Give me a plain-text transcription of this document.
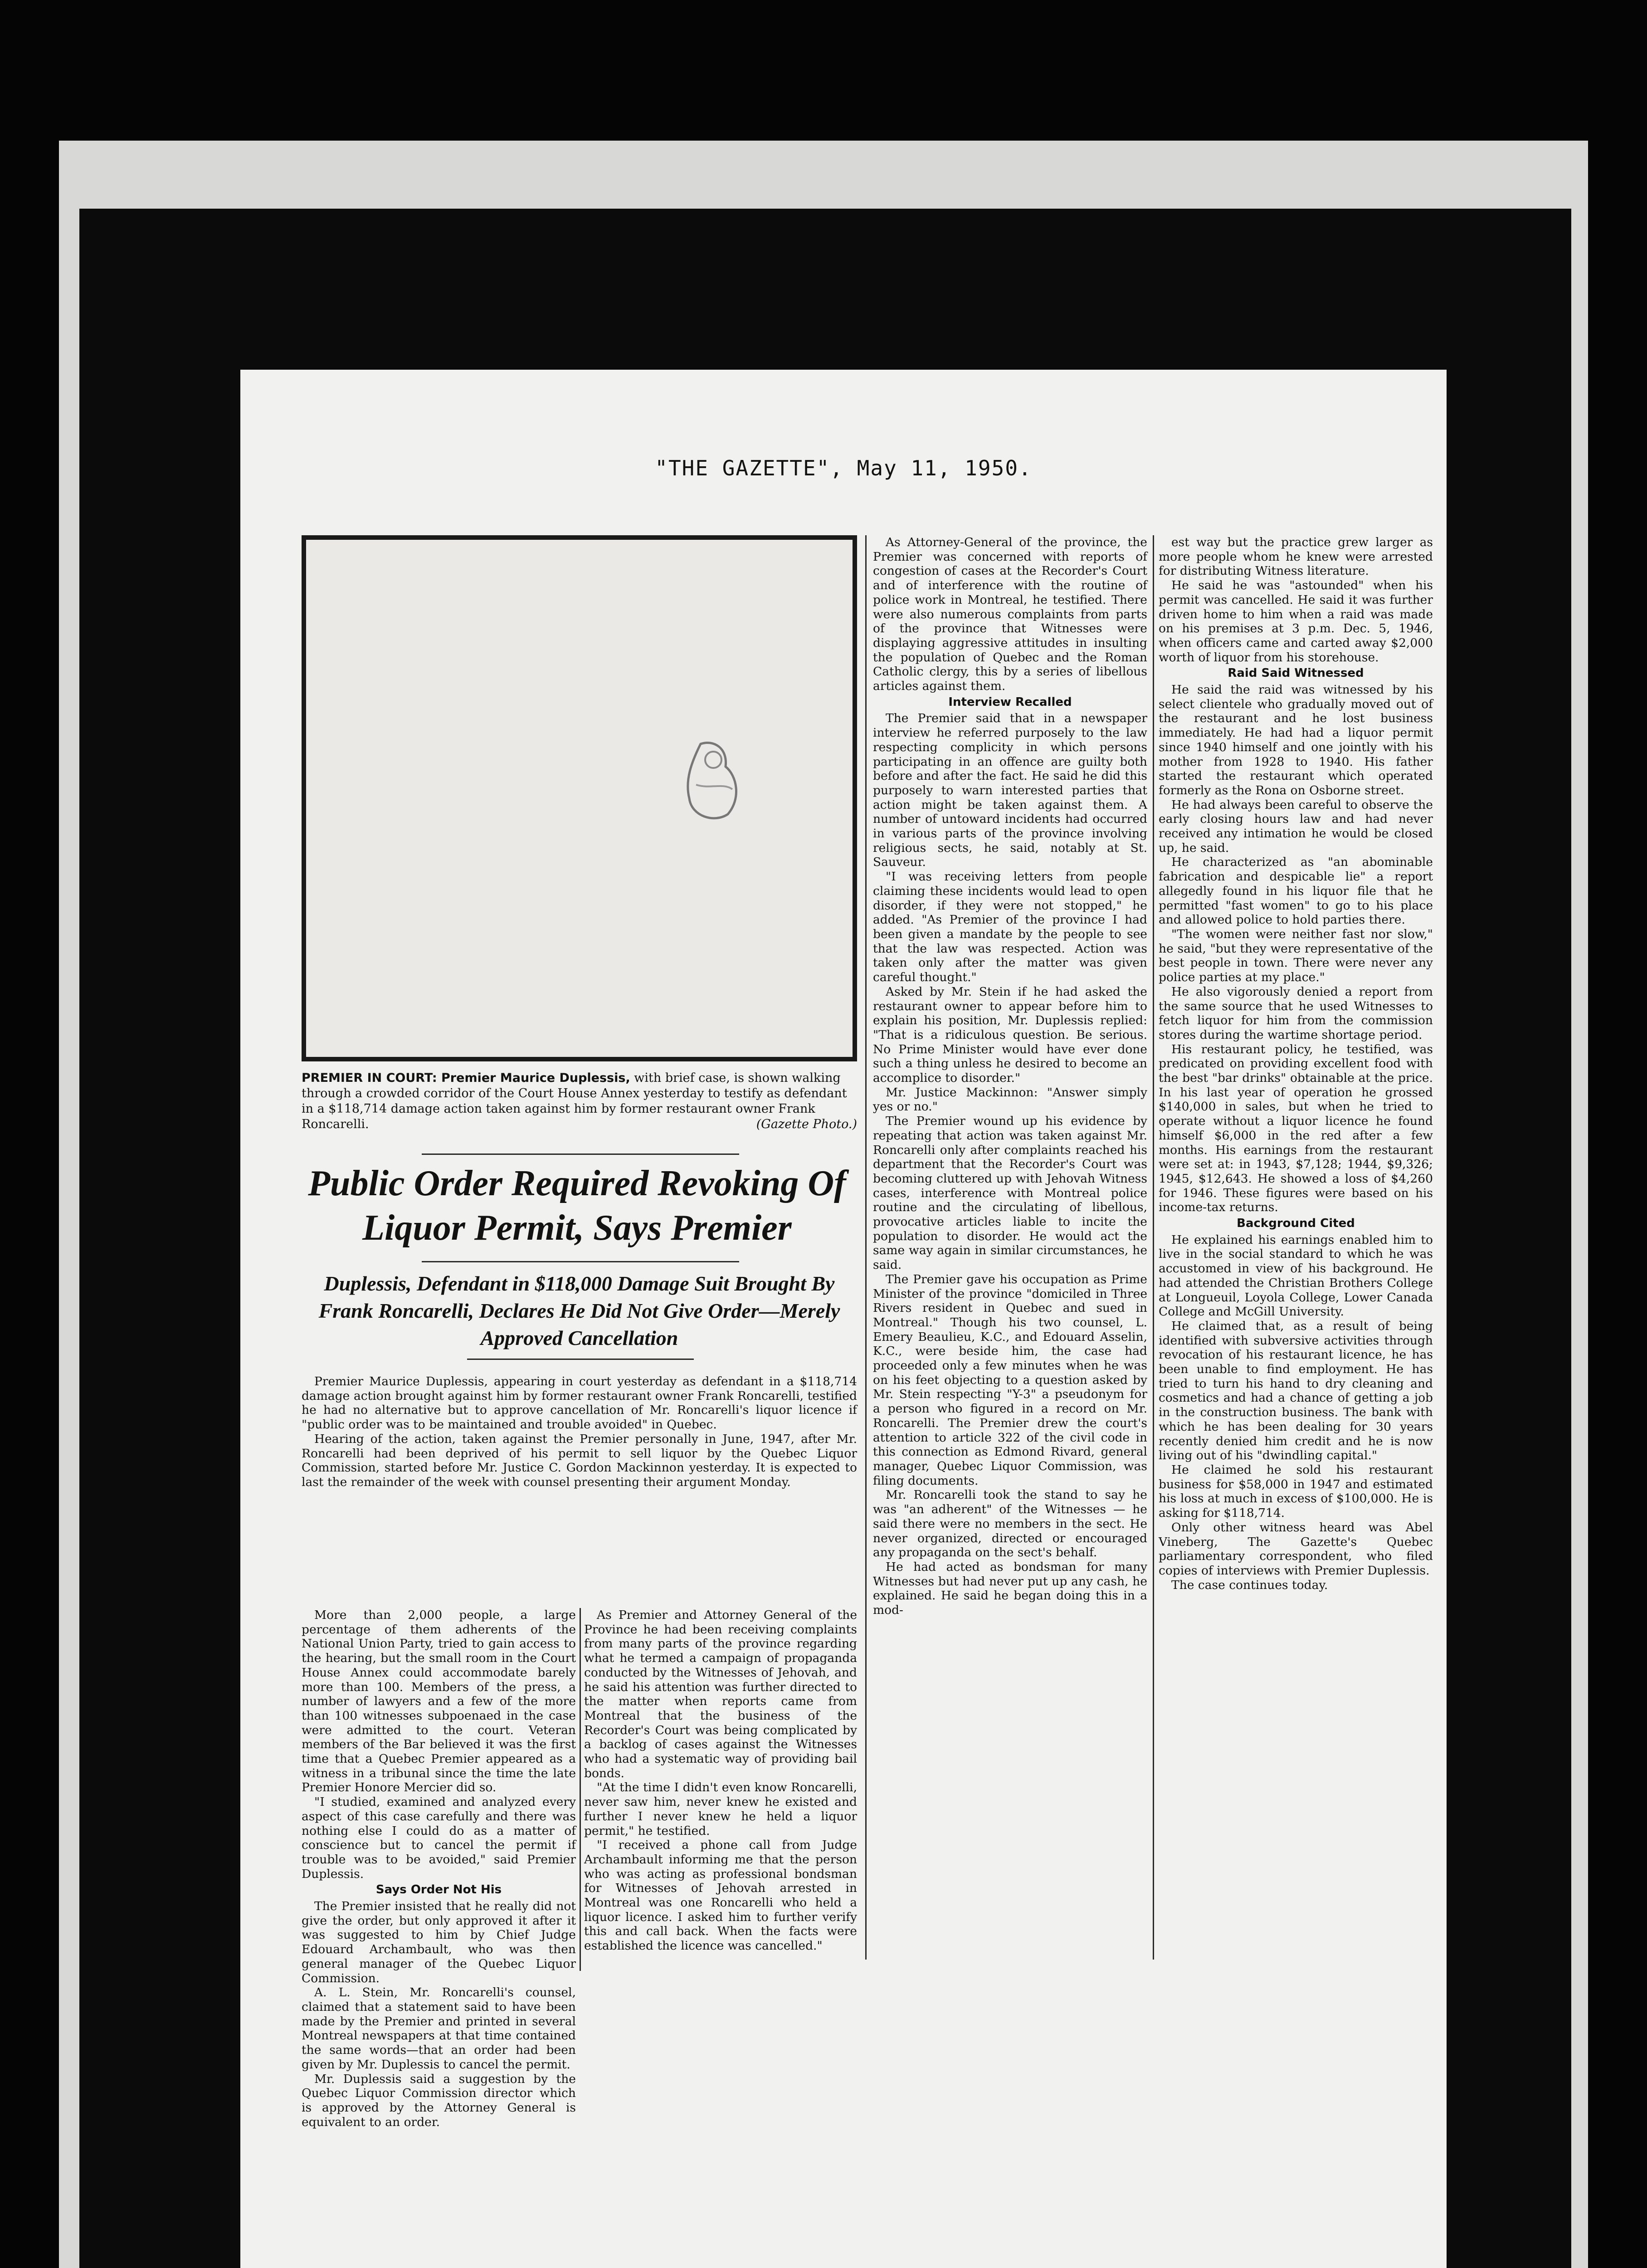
"THE GAZETTE", May 11, 1950.
PREMIER IN COURT: Premier Maurice Duplessis, with brief case, is shown walking through a crowded corridor of the Court House Annex yesterday to testify as defendant in a $118,714 damage action taken against him by former restaurant owner Frank Roncarelli.	(Gazette Photo.)
Public Order Required Revoking Of Liquor Permit, Says Premier
Duplessis, Defendant in $118,000 Damage Suit Brought By Frank Roncarelli, Declares He Did Not Give Order—Merely Approved Cancellation

Premier Maurice Duplessis, appearing in court yesterday as defendant in a $118,714 damage action brought against him by former restaurant owner Frank Roncarelli, testified he had no alternative but to approve cancellation of Mr. Roncarelli's liquor licence if "public order was to be maintained and trouble avoided" in Quebec.

Hearing of the action, taken against the Premier personally in June, 1947, after Mr. Roncarelli had been deprived of his permit to sell liquor by the Quebec Liquor Commission, started before Mr. Justice C. Gordon Mackinnon yesterday. It is expected to last the remainder of the week with counsel presenting their argument Monday.

More than 2,000 people, a large percentage of them adherents of the National Union Party, tried to gain access to the hearing, but the small room in the Court House Annex could accommodate barely more than 100. Members of the press, a number of lawyers and a few of the more than 100 witnesses subpoenaed in the case were admitted to the court. Veteran members of the Bar believed it was the first time that a Quebec Premier appeared as a witness in a tribunal since the time the late Premier Honore Mercier did so.

"I studied, examined and analyzed every aspect of this case carefully and there was nothing else I could do as a matter of conscience but to cancel the permit if trouble was to be avoided," said Premier Duplessis.

Says Order Not His

The Premier insisted that he really did not give the order, but only approved it after it was suggested to him by Chief Judge Edouard Archambault, who was then general manager of the Quebec Liquor Commission.

A. L. Stein, Mr. Roncarelli's counsel, claimed that a statement said to have been made by the Premier and printed in several Montreal newspapers at that time contained the same words—that an order had been given by Mr. Duplessis to cancel the permit.

Mr. Duplessis said a suggestion by the Quebec Liquor Commission director which is approved by the Attorney General is equivalent to an order.

As Premier and Attorney General of the Province he had been receiving complaints from many parts of the province regarding what he termed a campaign of propaganda conducted by the Witnesses of Jehovah, and he said his attention was further directed to the matter when reports came from Montreal that the business of the Recorder's Court was being complicated by a backlog of cases against the Witnesses who had a systematic way of providing bail bonds.

"At the time I didn't even know Roncarelli, never saw him, never knew he existed and further I never knew he held a liquor permit," he testified.

"I received a phone call from Judge Archambault informing me that the person who was acting as professional bondsman for Witnesses of Jehovah arrested in Montreal was one Roncarelli who held a liquor licence. I asked him to further verify this and call back. When the facts were established the licence was cancelled."

As Attorney-General of the province, the Premier was concerned with reports of congestion of cases at the Recorder's Court and of interference with the routine of police work in Montreal, he testified. There were also numerous complaints from parts of the province that Witnesses were displaying aggressive attitudes in insulting the population of Quebec and the Roman Catholic clergy, this by a series of libellous articles against them.

Interview Recalled

The Premier said that in a newspaper interview he referred purposely to the law respecting complicity in which persons participating in an offence are guilty both before and after the fact. He said he did this purposely to warn interested parties that action might be taken against them. A number of untoward incidents had occurred in various parts of the province involving religious sects, he said, notably at St. Sauveur.

"I was receiving letters from people claiming these incidents would lead to open disorder, if they were not stopped," he added. "As Premier of the province I had been given a mandate by the people to see that the law was respected. Action was taken only after the matter was given careful thought."

Asked by Mr. Stein if he had asked the restaurant owner to appear before him to explain his position, Mr. Duplessis replied: "That is a ridiculous question. Be serious. No Prime Minister would have ever done such a thing unless he desired to become an accomplice to disorder."

Mr. Justice Mackinnon: "Answer simply yes or no."

The Premier wound up his evidence by repeating that action was taken against Mr. Roncarelli only after complaints reached his department that the Recorder's Court was becoming cluttered up with Jehovah Witness cases, interference with Montreal police routine and the circulating of libellous, provocative articles liable to incite the population to disorder. He would act the same way again in similar circumstances, he said.

The Premier gave his occupation as Prime Minister of the province "domiciled in Three Rivers resident in Quebec and sued in Montreal." Though his two counsel, L. Emery Beaulieu, K.C., and Edouard Asselin, K.C., were beside him, the case had proceeded only a few minutes when he was on his feet objecting to a question asked by Mr. Stein respecting "Y-3" a pseudonym for a person who figured in a record on Mr. Roncarelli. The Premier drew the court's attention to article 322 of the civil code in this connection as Edmond Rivard, general manager, Quebec Liquor Commission, was filing documents.

Mr. Roncarelli took the stand to say he was "an adherent" of the Witnesses — he said there were no members in the sect. He never organized, directed or encouraged any propaganda on the sect's behalf.

He had acted as bondsman for many Witnesses but had never put up any cash, he explained. He said he began doing this in a mod-

est way but the practice grew larger as more people whom he knew were arrested for distributing Witness literature.

He said he was "astounded" when his permit was cancelled. He said it was further driven home to him when a raid was made on his premises at 3 p.m. Dec. 5, 1946, when officers came and carted away $2,000 worth of liquor from his storehouse.

Raid Said Witnessed

He said the raid was witnessed by his select clientele who gradually moved out of the restaurant and he lost business immediately. He had had a liquor permit since 1940 himself and one jointly with his mother from 1928 to 1940. His father started the restaurant which operated formerly as the Rona on Osborne street.

He had always been careful to observe the early closing hours law and had never received any intimation he would be closed up, he said.

He characterized as "an abominable fabrication and despicable lie" a report allegedly found in his liquor file that he permitted "fast women" to go to his place and allowed police to hold parties there.

"The women were neither fast nor slow," he said, "but they were representative of the best people in town. There were never any police parties at my place."

He also vigorously denied a report from the same source that he used Witnesses to fetch liquor for him from the commission stores during the wartime shortage period.

His restaurant policy, he testified, was predicated on providing excellent food with the best "bar drinks" obtainable at the price. In his last year of operation he grossed $140,000 in sales, but when he tried to operate without a liquor licence he found himself $6,000 in the red after a few months. His earnings from the restaurant were set at: in 1943, $7,128; 1944, $9,326; 1945, $12,643. He showed a loss of $4,260 for 1946. These figures were based on his income-tax returns.

Background Cited

He explained his earnings enabled him to live in the social standard to which he was accustomed in view of his background. He had attended the Christian Brothers College at Longueuil, Loyola College, Lower Canada College and McGill University.

He claimed that, as a result of being identified with subversive activities through revocation of his restaurant licence, he has been unable to find employment. He has tried to turn his hand to dry cleaning and cosmetics and had a chance of getting a job in the construction business. The bank with which he has been dealing for 30 years recently denied him credit and he is now living out of his "dwindling capital."

He claimed he sold his restaurant business for $58,000 in 1947 and estimated his loss at much in excess of $100,000. He is asking for $118,714.

Only other witness heard was Abel Vineberg, The Gazette's Quebec parliamentary correspondent, who filed copies of interviews with Premier Duplessis.

The case continues today.
